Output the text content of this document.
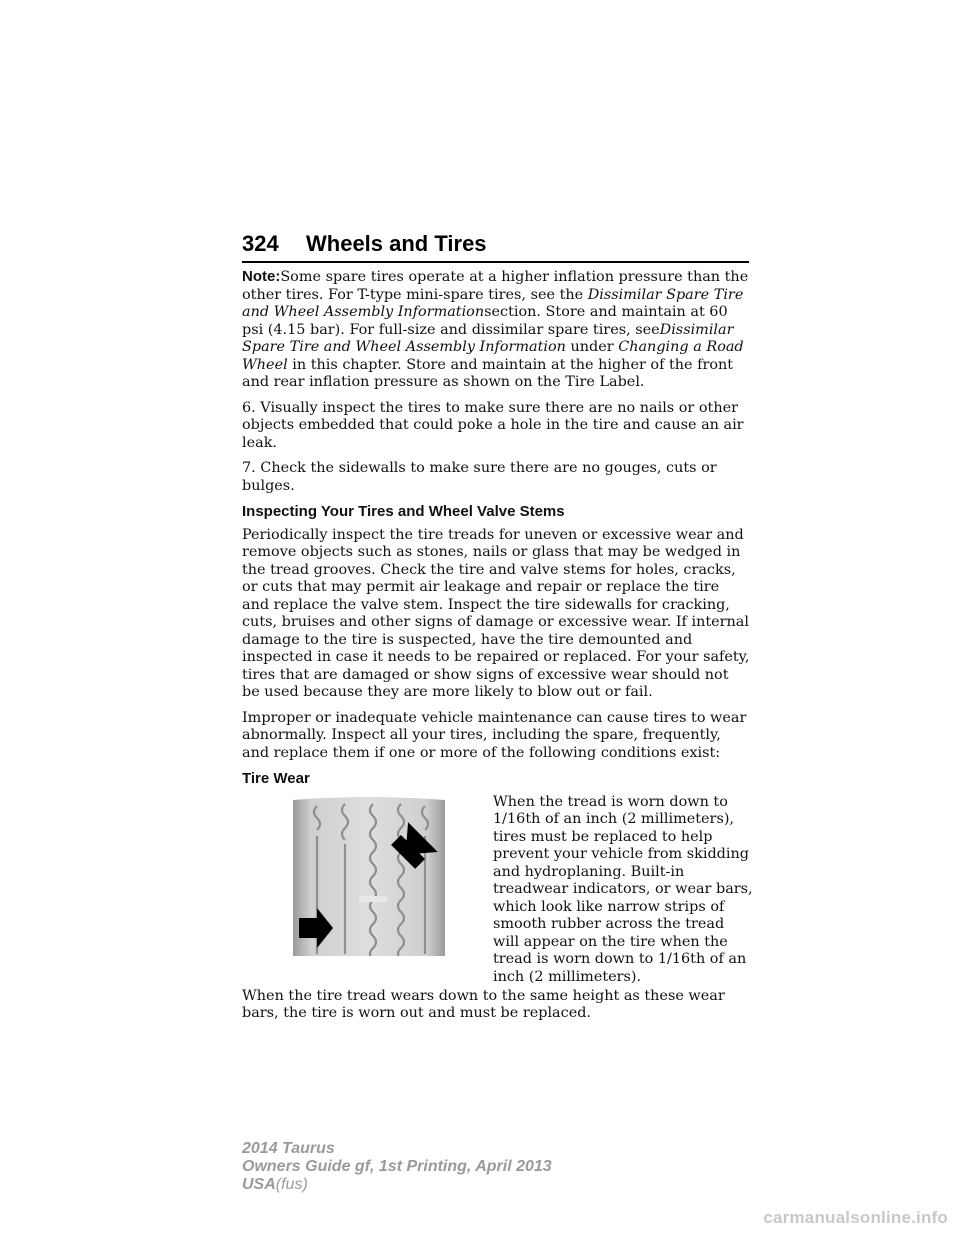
324 Wheels and Tires

Note:Some spare tires operate at a higher inflation pressure than the other tires. For T-type mini-spare tires, see the Dissimilar Spare Tire and Wheel Assembly Informationsection. Store and maintain at 60 psi (4.15 bar). For full-size and dissimilar spare tires, seeDissimilar Spare Tire and Wheel Assembly Information under Changing a Road Wheel in this chapter. Store and maintain at the higher of the front and rear inflation pressure as shown on the Tire Label.

6. Visually inspect the tires to make sure there are no nails or other objects embedded that could poke a hole in the tire and cause an air leak.

7. Check the sidewalls to make sure there are no gouges, cuts or bulges.

Inspecting Your Tires and Wheel Valve Stems

Periodically inspect the tire treads for uneven or excessive wear and remove objects such as stones, nails or glass that may be wedged in the tread grooves. Check the tire and valve stems for holes, cracks, or cuts that may permit air leakage and repair or replace the tire and replace the valve stem. Inspect the tire sidewalls for cracking, cuts, bruises and other signs of damage or excessive wear. If internal damage to the tire is suspected, have the tire demounted and inspected in case it needs to be repaired or replaced. For your safety, tires that are damaged or show signs of excessive wear should not be used because they are more likely to blow out or fail.

Improper or inadequate vehicle maintenance can cause tires to wear abnormally. Inspect all your tires, including the spare, frequently, and replace them if one or more of the following conditions exist:

Tire Wear

When the tread is worn down to 1/16th of an inch (2 millimeters), tires must be replaced to help prevent your vehicle from skidding and hydroplaning. Built-in treadwear indicators, or wear bars, which look like narrow strips of smooth rubber across the tread will appear on the tire when the tread is worn down to 1/16th of an inch (2 millimeters).

When the tire tread wears down to the same height as these wear bars, the tire is worn out and must be replaced.

2014 Taurus
Owners Guide gf, 1st Printing, April 2013
USA(fus)
carmanualsonline.info
